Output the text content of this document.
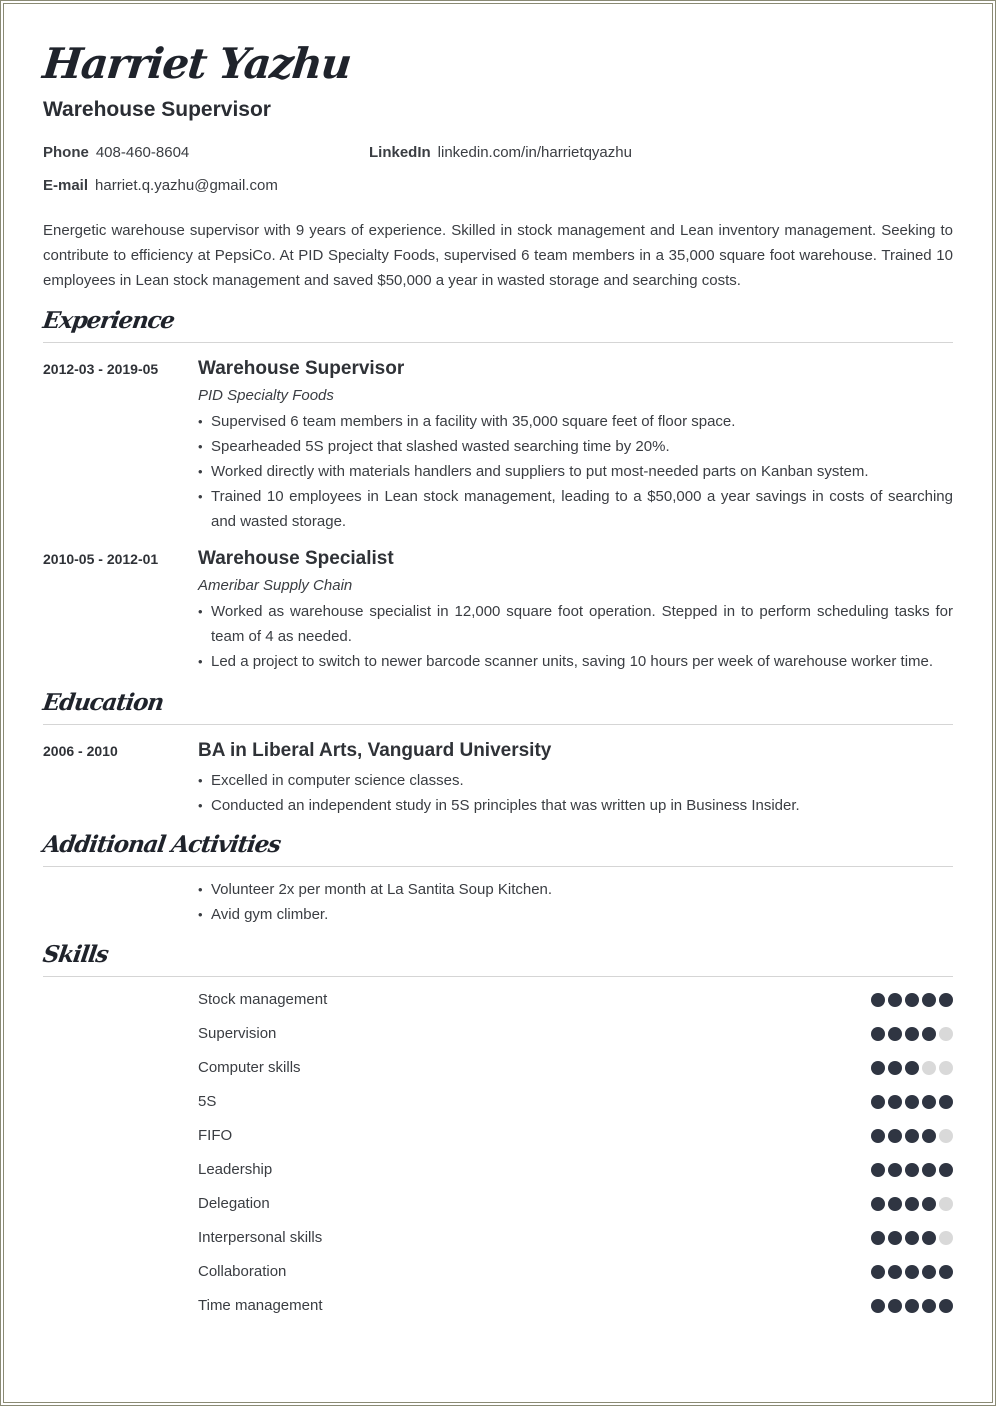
Harriet Yazhu
Warehouse Supervisor
Phone 408-460-8604	LinkedIn linkedin.com/in/harrietqyazhu
E-mail harriet.q.yazhu@gmail.com

Energetic warehouse supervisor with 9 years of experience. Skilled in stock management and Lean inventory management. Seeking to contribute to efficiency at PepsiCo. At PID Specialty Foods, supervised 6 team members in a 35,000 square foot warehouse. Trained 10 employees in Lean stock management and saved $50,000 a year in wasted storage and searching costs.

Experience
2012-03 - 2019-05 Warehouse Supervisor
PID Specialty Foods
• Supervised 6 team members in a facility with 35,000 square feet of floor space.
• Spearheaded 5S project that slashed wasted searching time by 20%.
• Worked directly with materials handlers and suppliers to put most-needed parts on Kanban system.
• Trained 10 employees in Lean stock management, leading to a $50,000 a year savings in costs of searching and wasted storage.
2010-05 - 2012-01 Warehouse Specialist
Ameribar Supply Chain
• Worked as warehouse specialist in 12,000 square foot operation. Stepped in to perform scheduling tasks for team of 4 as needed.
• Led a project to switch to newer barcode scanner units, saving 10 hours per week of warehouse worker time.
Education
2006 - 2010	BA in Liberal Arts, Vanguard University
• Excelled in computer science classes.
• Conducted an independent study in 5S principles that was written up in Business Insider.
Additional Activities
• Volunteer 2x per month at La Santita Soup Kitchen.
• Avid gym climber.
Skills
Stock management
Supervision
Computer skills
5S
FIFO
Leadership
Delegation
Interpersonal skills
Collaboration
Time management
